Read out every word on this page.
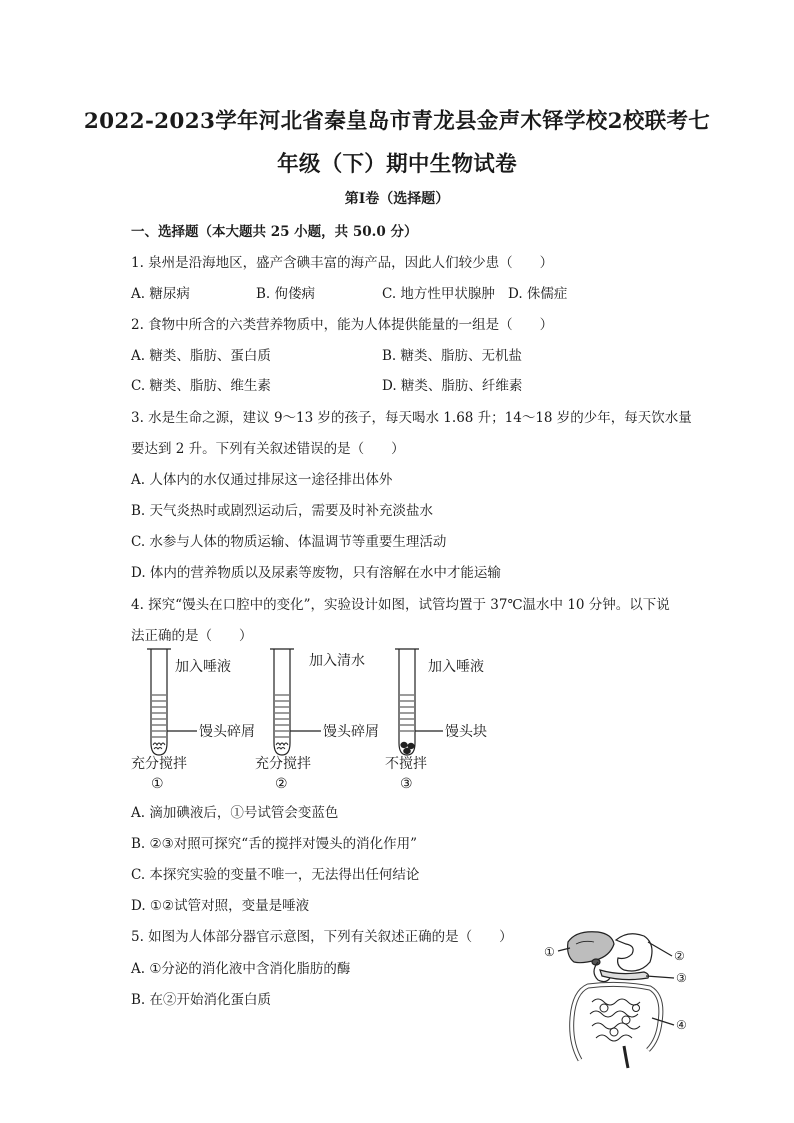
2022-2023学年河北省秦皇岛市青龙县金声木铎学校2校联考七
年级（下）期中生物试卷
第I卷（选择题）
一、选择题（本大题共 25 小题，共 50.0 分）
1. 泉州是沿海地区，盛产含碘丰富的海产品，因此人们较少患（　　）
A. 糖尿病	B. 佝偻病	C. 地方性甲状腺肿 D. 侏儒症
2. 食物中所含的六类营养物质中，能为人体提供能量的一组是（　　）
A. 糖类、脂肪、蛋白质	B. 糖类、脂肪、无机盐
C. 糖类、脂肪、维生素	D. 糖类、脂肪、纤维素
3. 水是生命之源，建议 9～13 岁的孩子，每天喝水 1.68 升；14～18 岁的少年，每天饮水量
要达到 2 升。下列有关叙述错误的是（　　）
A. 人体内的水仅通过排尿这一途径排出体外
B. 天气炎热时或剧烈运动后，需要及时补充淡盐水
C. 水参与人体的物质运输、体温调节等重要生理活动
D. 体内的营养物质以及尿素等废物，只有溶解在水中才能运输
4. 探究“馒头在口腔中的变化”，实验设计如图，试管均置于 37℃温水中 10 分钟。以下说
法正确的是（　　）
加入唾液
馒头碎屑
充分搅拌
①
加入清水
馒头碎屑
充分搅拌
②
加入唾液
馒头块
不搅拌
③
A. 滴加碘液后，①号试管会变蓝色
B. ②③对照可探究“舌的搅拌对馒头的消化作用”
C. 本探究实验的变量不唯一，无法得出任何结论
D. ①②试管对照，变量是唾液
5. 如图为人体部分器官示意图，下列有关叙述正确的是（　　）
A. ①分泌的消化液中含消化脂肪的酶
B. 在②开始消化蛋白质
①	②
③
④
